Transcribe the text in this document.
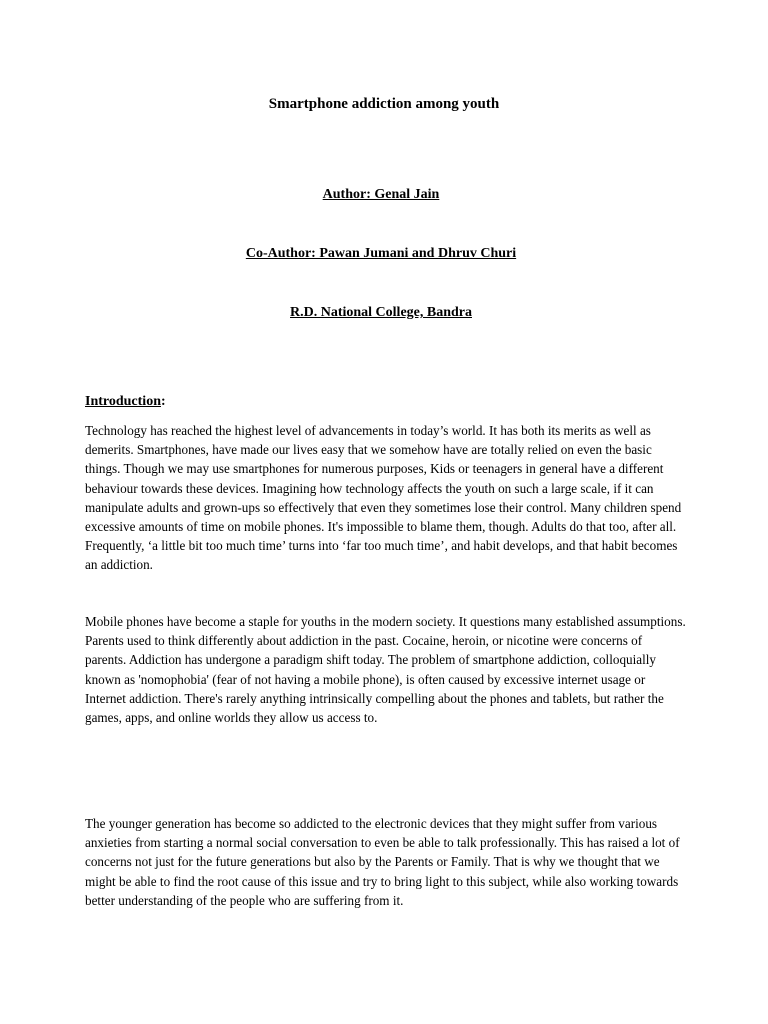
Smartphone addiction among youth
Author: Genal Jain
Co-Author: Pawan Jumani and Dhruv Churi
R.D. National College, Bandra
Introduction:

Technology has reached the highest level of advancements in today’s world. It has both its merits as well as demerits. Smartphones, have made our lives easy that we somehow have are totally relied on even the basic things. Though we may use smartphones for numerous purposes, Kids or teenagers in general have a different behaviour towards these devices. Imagining how technology affects the youth on such a large scale, if it can manipulate adults and grown-ups so effectively that even they sometimes lose their control. Many children spend excessive amounts of time on mobile phones. It's impossible to blame them, though. Adults do that too, after all. Frequently, ‘a little bit too much time’ turns into ‘far too much time’, and habit develops, and that habit becomes an addiction.

Mobile phones have become a staple for youths in the modern society. It questions many established assumptions. Parents used to think differently about addiction in the past. Cocaine, heroin, or nicotine were concerns of parents. Addiction has undergone a paradigm shift today. The problem of smartphone addiction, colloquially known as 'nomophobia' (fear of not having a mobile phone), is often caused by excessive internet usage or Internet addiction. There's rarely anything intrinsically compelling about the phones and tablets, but rather the games, apps, and online worlds they allow us access to.

The younger generation has become so addicted to the electronic devices that they might suffer from various anxieties from starting a normal social conversation to even be able to talk professionally. This has raised a lot of concerns not just for the future generations but also by the Parents or Family. That is why we thought that we might be able to find the root cause of this issue and try to bring light to this subject, while also working towards better understanding of the people who are suffering from it.
